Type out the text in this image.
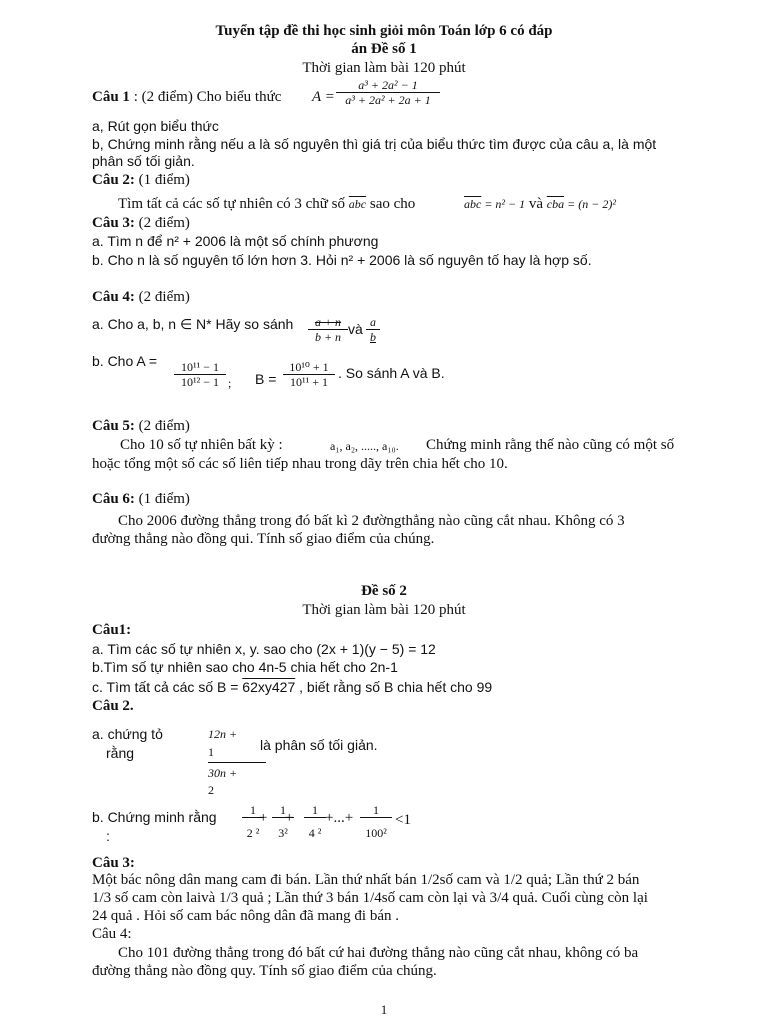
Tuyển tập đề thi học sinh giỏi môn Toán lớp 6 có đáp
án Đề số 1
Thời gian làm bài 120 phút
Câu 1 : (2 điểm) Cho biểu thức $A = \frac{\text{a³ + 2a² − 1}}{\text{a³ + 2a² + 2a + 1}}$
a, Rút gọn biểu thức
b, Chứng minh rằng nếu a là số nguyên thì giá trị của biểu thức tìm được của câu a, là một
phân số tối giản.
Câu 2: (1 điểm)
Tìm tất cả các số tự nhiên có 3 chữ số $\overline{abc}$ sao cho	$\overline{abc} = n^2 - 1$ và $\overline{cba} = (n - 2)^2$
Câu 3: (2 điểm)
a. Tìm n để n² + 2006 là một số chính phương
b. Cho n là số nguyên tố lớn hơn 3. Hỏi n² + 2006 là số nguyên tố hay là hợp số.
Câu 4: (2 điểm)
a. Cho a, b, n ∈ N* Hãy so sánh $\frac{a + n}{b + n}$ và $\frac{a}{b}$
b. Cho $A = \frac{\text{10¹¹ − 1}}{\text{10¹² − 1}}$ ; $B = \frac{\text{10¹⁰ + 1}}{\text{10¹¹ + 1}}$ . So sánh A và B.
Câu 5: (2 điểm)
Cho 10 số tự nhiên bất kỳ :	a₁, a₂, ....., a₁₀. Chứng minh rằng thế nào cũng có một số
hoặc tổng một số các số liên tiếp nhau trong dãy trên chia hết cho 10.
Câu 6: (1 điểm)
Cho 2006 đường thẳng trong đó bất kì 2 đườngthẳng nào cũng cắt nhau. Không có 3
đường thẳng nào đồng qui. Tính số giao điểm của chúng.
Đề số 2
Thời gian làm bài 120 phút
Câu1:
a. Tìm các số tự nhiên x, y. sao cho (2x + 1)(y − 5) = 12
b.Tìm số tự nhiên sao cho 4n-5 chia hết cho 2n-1
c. Tìm tất cả các số B = 62xy427 , biết rằng số B chia hết cho 99
Câu 2.
a. chứng tỏ
rằng
12n +
1
30n +
2
là phân số tối giản.
b. Chứng minh rằng
:	$\frac{1}{\text{2 ²}}$
+ $\frac{1}{\text{3²}}$
+ $\frac{1}{\text{4 ²}}$ +...+ $\frac{1}{\text{100²}} <1$
Câu 3:
Một bác nông dân mang cam đi bán. Lần thứ nhất bán 1/2số cam và 1/2 quả; Lần thứ 2 bán
1/3 số cam còn laivà 1/3 quả ; Lần thứ 3 bán 1/4số cam còn lại và 3/4 quả. Cuối cùng còn lại
24 quả . Hỏi số cam bác nông dân đã mang đi bán .
Câu 4:
Cho 101 đường thẳng trong đó bất cứ hai đường thẳng nào cũng cắt nhau, không có ba
đường thẳng nào đồng quy. Tính số giao điểm của chúng.
1
